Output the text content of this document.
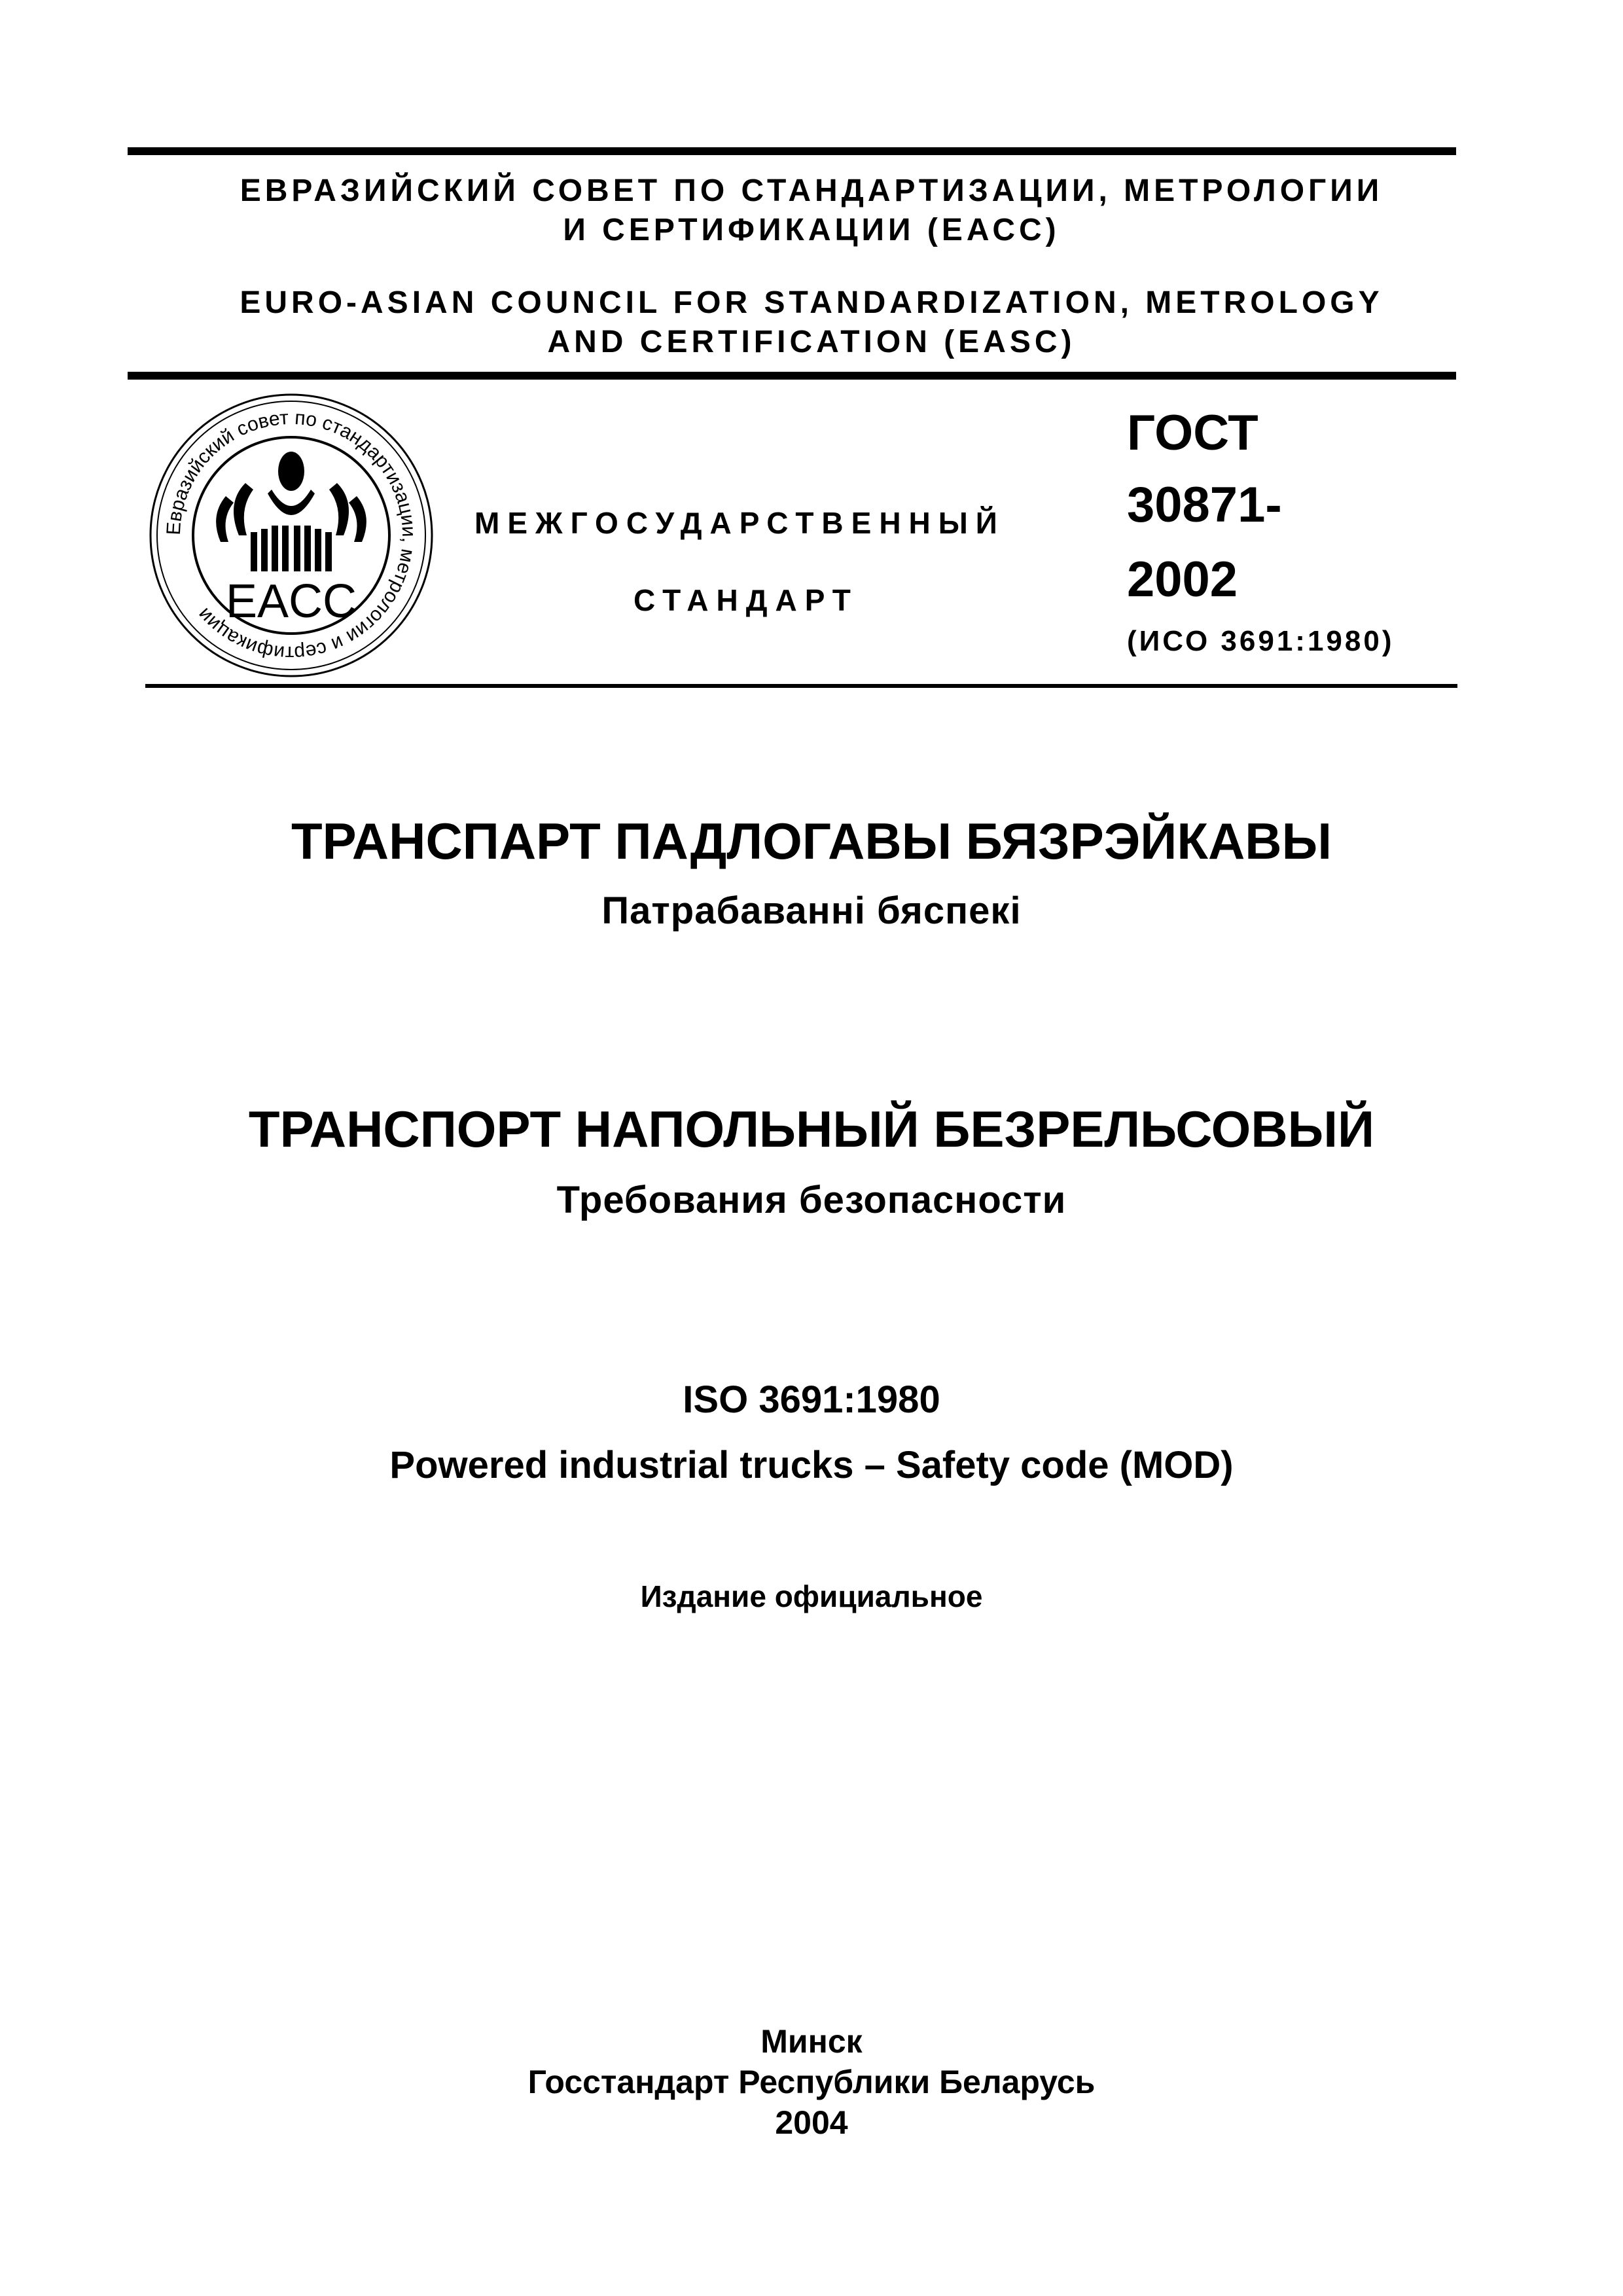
ЕВРАЗИЙСКИЙ СОВЕТ ПО СТАНДАРТИЗАЦИИ, МЕТРОЛОГИИ
И СЕРТИФИКАЦИИ (ЕАСС)
EURO-ASIAN COUNCIL FOR STANDARDIZATION, METROLOGY
AND CERTIFICATION (EASC)
Евразийский совет по стандартизации, метрологии и сертификации EACC
МЕЖГОСУДАРСТВЕННЫЙ
СТАНДАРТ
ГОСТ
30871-
2002
(ИСО 3691:1980)
ТРАНСПАРТ ПАДЛОГАВЫ БЯЗРЭЙКАВЫ
Патрабаванні бяспекі
ТРАНСПОРТ НАПОЛЬНЫЙ БЕЗРЕЛЬСОВЫЙ
Требования безопасности
ISO 3691:1980
Powered industrial trucks – Safety code (MOD)
Издание официальное
Минск
Госстандарт Республики Беларусь
2004
